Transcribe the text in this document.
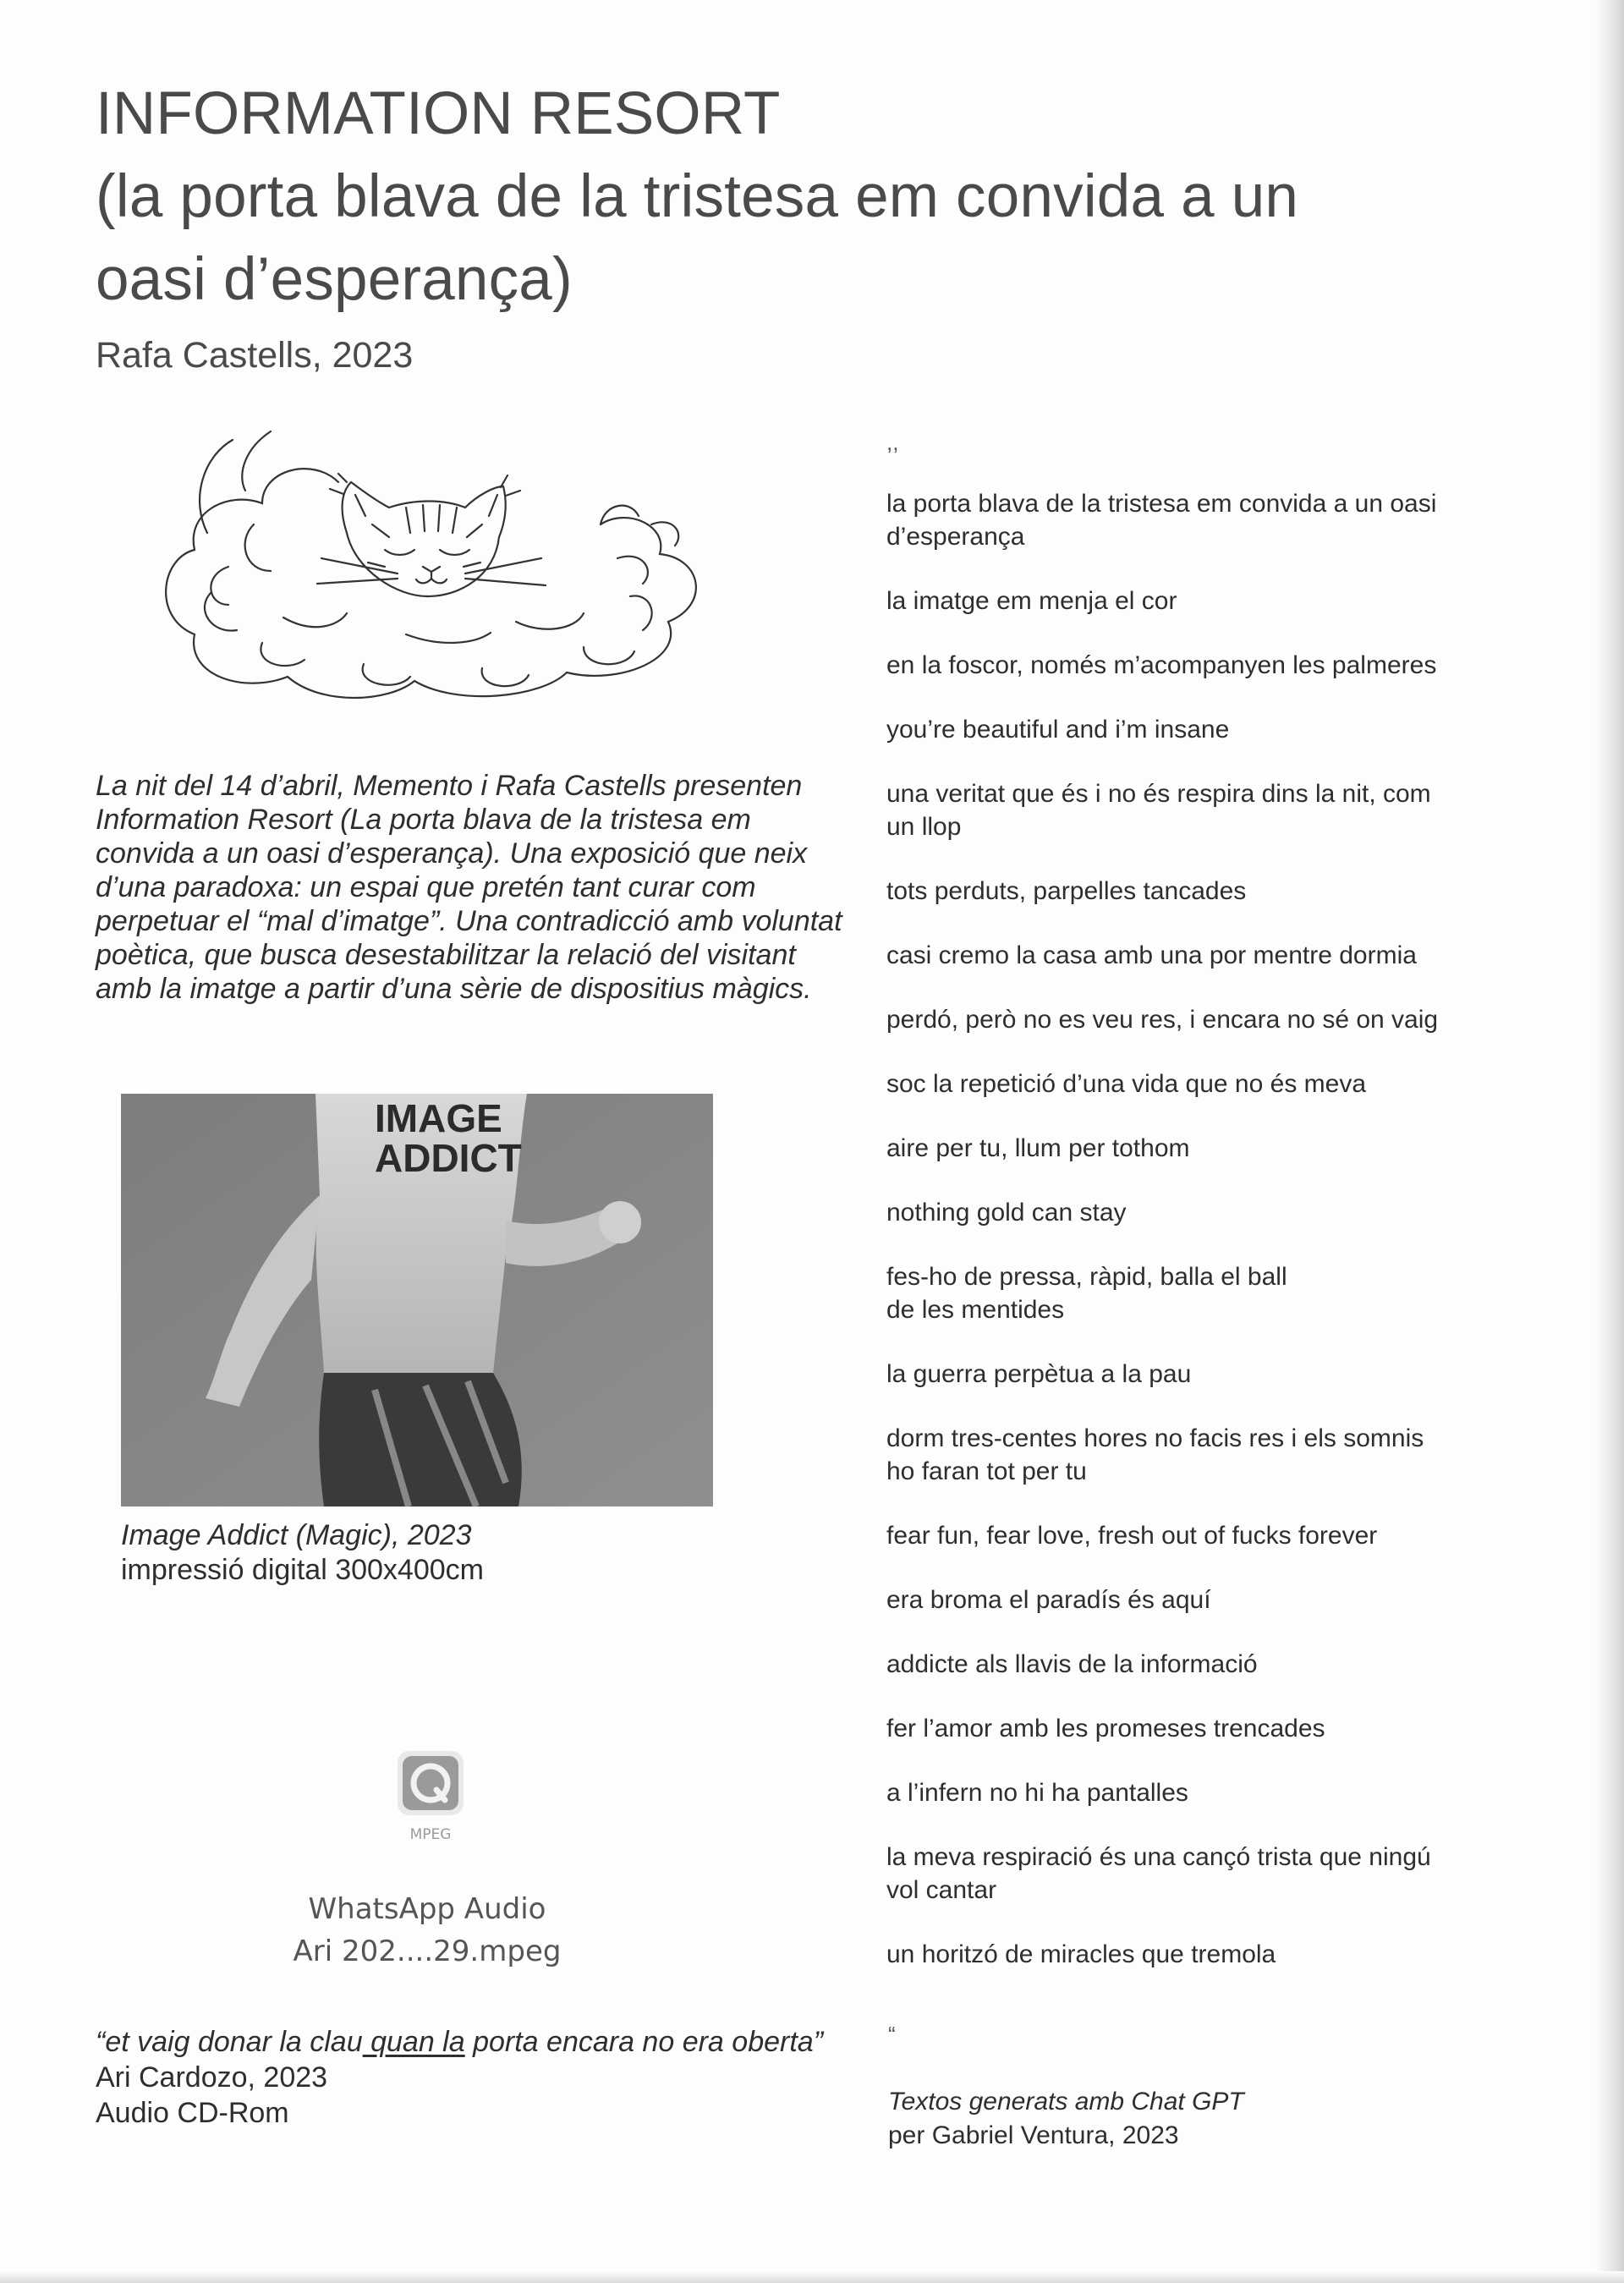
INFORMATION RESORT
(la porta blava de la tristesa em convida a un
oasi d’esperança)
Rafa Castells, 2023

La nit del 14 d’abril, Memento i Rafa Castells presenten Information Resort (La porta blava de la tristesa em convida a un oasi d’esperança). Una exposició que neix d’una paradoxa: un espai que pretén tant curar com perpetuar el “mal d’imatge”. Una contradicció amb voluntat poètica, que busca desestabilitzar la relació del visitant amb la imatge a partir d’una sèrie de dispositius màgics.

IMAGE
ADDICT
Image Addict (Magic), 2023
impressió digital 300x400cm
MPEG
WhatsApp Audio
Ari 202....29.mpeg
“et vaig donar la clau quan la porta encara no era oberta”
Ari Cardozo, 2023
Audio CD-Rom
,,

la porta blava de la tristesa em convida a un oasi
d’esperança

la imatge em menja el cor

en la foscor, només m’acompanyen les palmeres

you’re beautiful and i’m insane

una veritat que és i no és respira dins la nit, com
un llop

tots perduts, parpelles tancades

casi cremo la casa amb una por mentre dormia

perdó, però no es veu res, i encara no sé on vaig

soc la repetició d’una vida que no és meva

aire per tu, llum per tothom

nothing gold can stay

fes-ho de pressa, ràpid, balla el ball
de les mentides

la guerra perpètua a la pau

dorm tres-centes hores no facis res i els somnis
ho faran tot per tu

fear fun, fear love, fresh out of fucks forever

era broma el paradís és aquí

addicte als llavis de la informació

fer l’amor amb les promeses trencades

a l’infern no hi ha pantalles

la meva respiració és una cançó trista que ningú
vol cantar

un horitzó de miracles que tremola

“
Textos generats amb Chat GPT
per Gabriel Ventura, 2023
